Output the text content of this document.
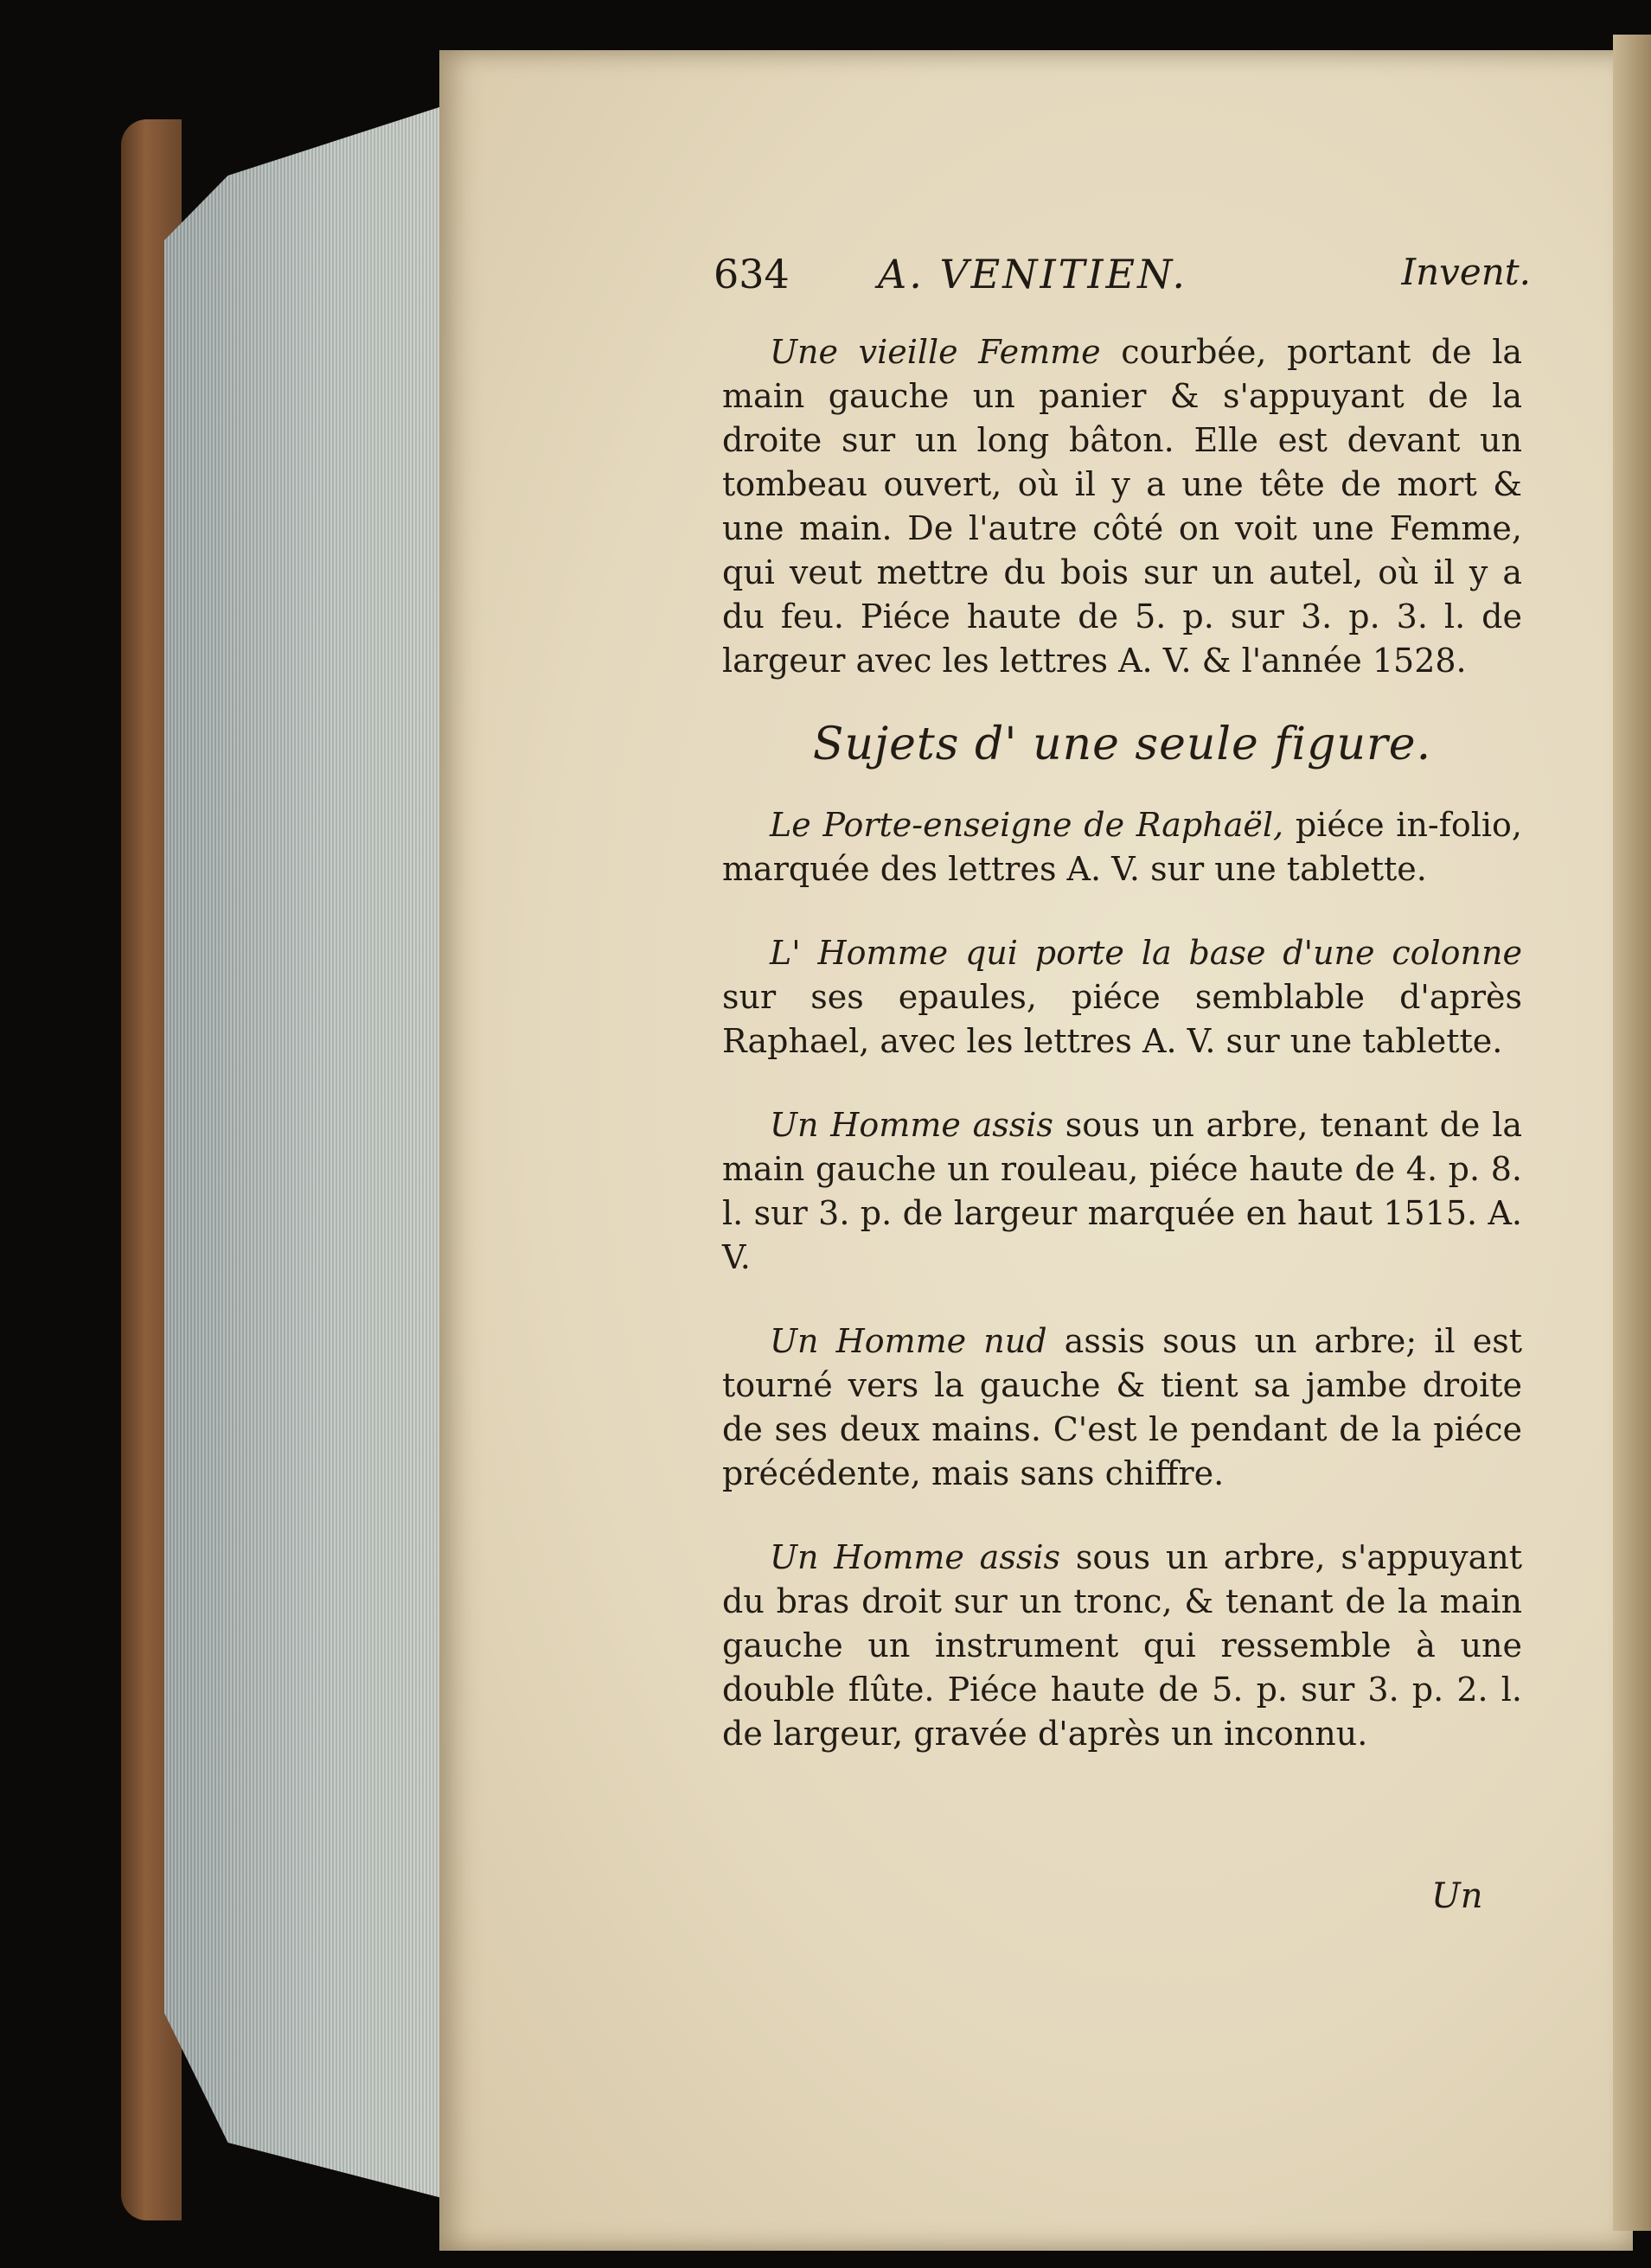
634 A. VENITIEN.	Invent.

Une vieille Femme courbée, portant de la main gauche un panier & s'appuyant de la droite sur un long bâton. Elle est devant un tombeau ouvert, où il y a une tête de mort & une main. De l'autre côté on voit une Femme, qui veut mettre du bois sur un autel, où il y a du feu. Piéce haute de 5. p. sur 3. p. 3. l. de largeur avec les lettres A. V. & l'année 1528.

Sujets d' une seule figure.

Le Porte-enseigne de Raphaël, piéce in-folio, marquée des lettres A. V. sur une tablette.

L' Homme qui porte la base d'une colonne sur ses epaules, piéce semblable d'après Raphael, avec les lettres A. V. sur une tablette.

Un Homme assis sous un arbre, tenant de la main gauche un rouleau, piéce haute de 4. p. 8. l. sur 3. p. de largeur marquée en haut 1515. A. V.

Un Homme nud assis sous un arbre; il est tourné vers la gauche & tient sa jambe droite de ses deux mains. C'est le pendant de la piéce précédente, mais sans chiffre.

Un Homme assis sous un arbre, s'appuyant du bras droit sur un tronc, & tenant de la main gauche un instrument qui ressemble à une double flûte. Piéce haute de 5. p. sur 3. p. 2. l. de largeur, gravée d'après un inconnu.

Un
